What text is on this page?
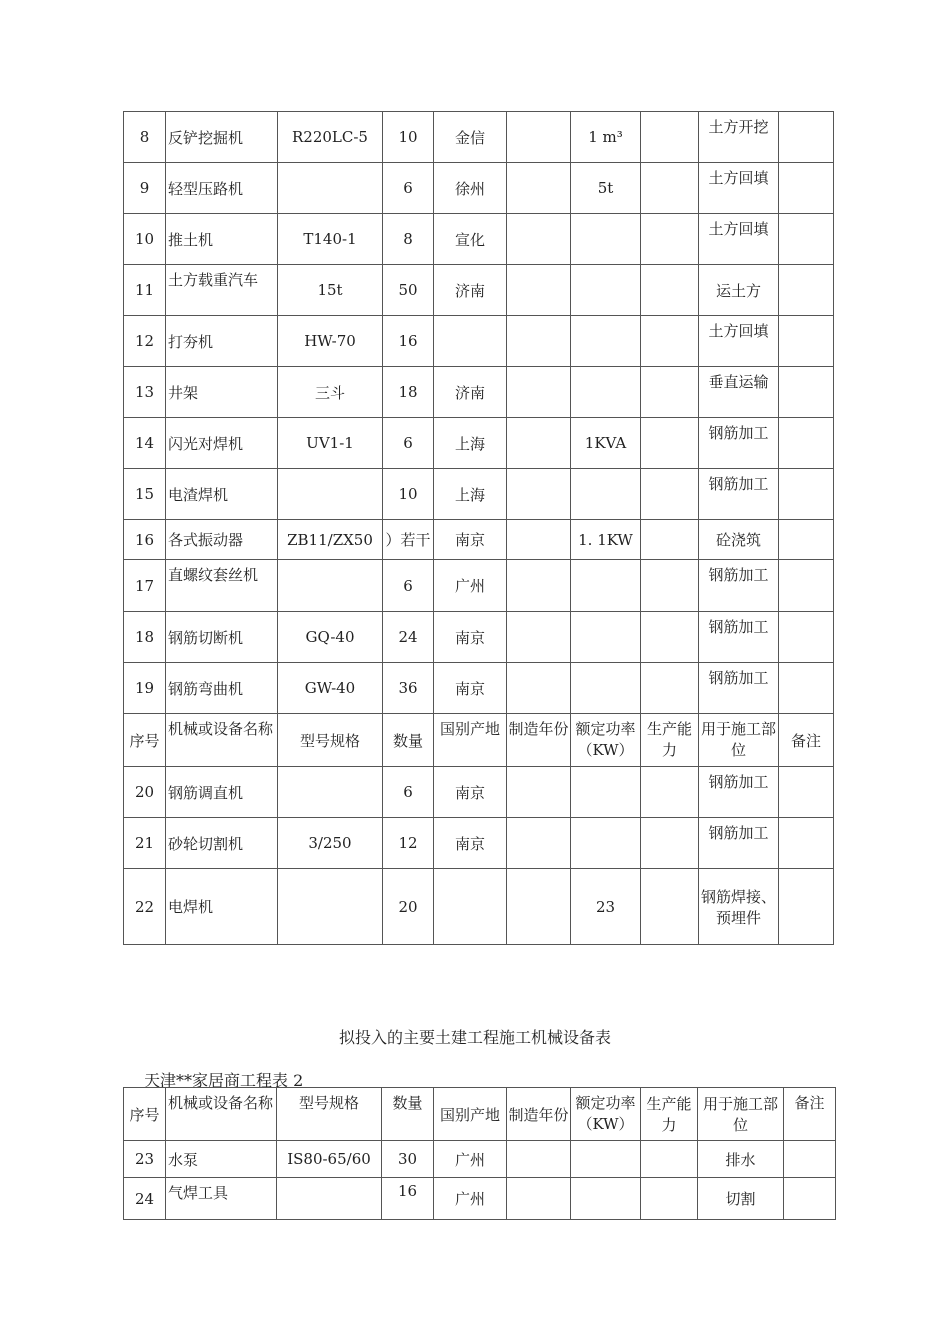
8	反铲挖掘机	R220LC-5	10	金信		1 m³		土方开挖	
9	轻型压路机		6	徐州		5t		土方回填	
10	推土机	T140-1	8	宣化				土方回填	
11	土方载重汽车	15t	50	济南				运土方	
12	打夯机	HW-70	16					土方回填	
13	井架	三斗	18	济南				垂直运输	
14	闪光对焊机	UV1-1	6	上海		1KVA		钢筋加工	
15	电渣焊机		10	上海				钢筋加工	
16	各式振动器	ZB11/ZX50	）若干	南京		1. 1KW		砼浇筑	
17	直螺纹套丝机		6	广州				钢筋加工	
18	钢筋切断机	GQ-40	24	南京				钢筋加工	
19	钢筋弯曲机	GW-40	36	南京				钢筋加工	
序号	机械或设备名称	型号规格	数量	国别产地	制造年份	额定功率（KW）	生产能力	用于施工部位	备注
20	钢筋调直机		6	南京				钢筋加工	
21	砂轮切割机	3/250	12	南京				钢筋加工	
22	电焊机		20			23		钢筋焊接、预埋件	
拟投入的主要土建工程施工机械设备表
天津**家居商工程表 2
序号	机械或设备名称	型号规格	数量	国别产地	制造年份	额定功率（KW）	生产能力	用于施工部位	备注
23	水泵	IS80-65/60	30	广州				排水	
24	气焊工具		16	广州				切割	
